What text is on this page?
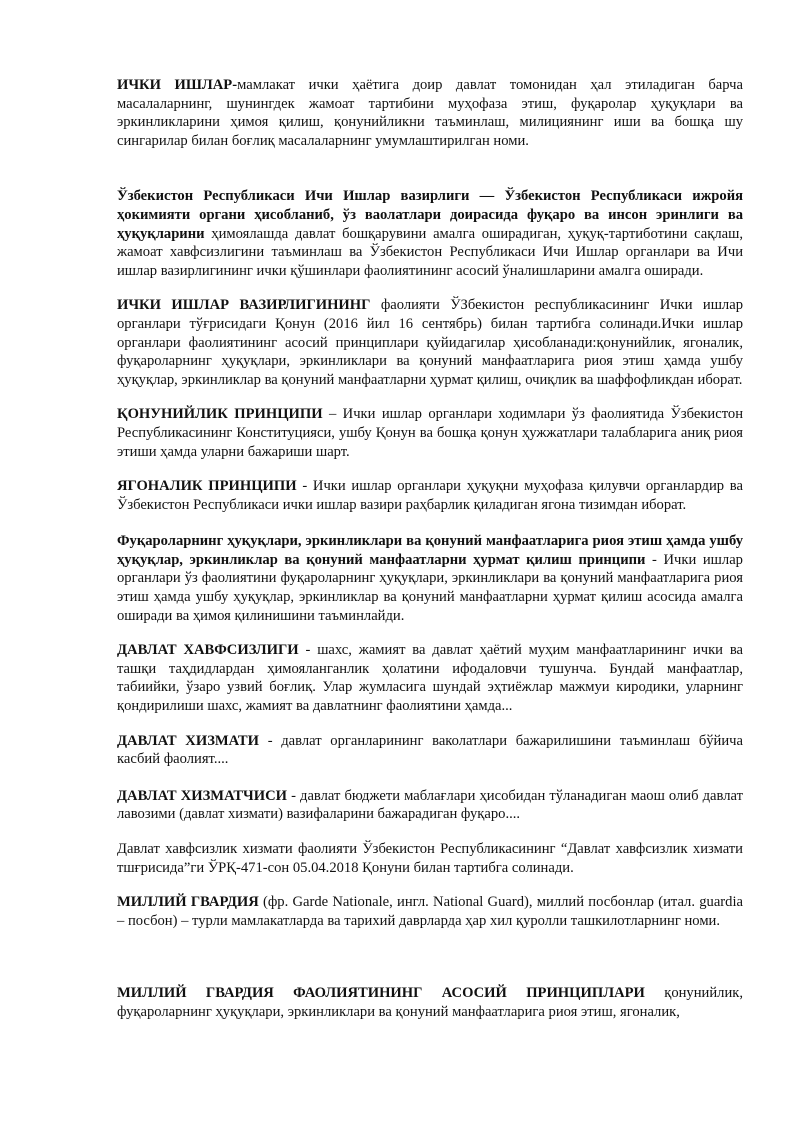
ИЧКИ ИШЛАР-мамлакат ички ҳаётига доир давлат томонидан ҳал этиладиган барча масалаларнинг, шунингдек жамоат тартибини муҳофаза этиш, фуқаролар ҳуқуқлари ва эркинликларини ҳимоя қилиш, қонунийликни таъминлаш, милициянинг иши ва бошқа шу сингарилар билан боғлиқ масалаларнинг умумлаштирилган номи.

Ўзбекистон Республикаси Ичи Ишлар вазирлиги — Ўзбекистон Республикаси ижройя ҳокимияти органи ҳисобланиб, ўз ваолатлари доирасида фуқаро ва инсон эринлиги ва ҳуқуқларини ҳимоялашда давлат бошқарувини амалга оширадиган, ҳуқуқ-тартиботини сақлаш, жамоат хавфсизлигини таъминлаш ва Ўзбекистон Республикаси Ичи Ишлар органлари ва Ичи ишлар вазирлигининг ички қўшинлари фаолиятининг асосий ўналишларини амалга оширади.

ИЧКИ ИШЛАР ВАЗИРЛИГИНИНГ фаолияти ЎЗбекистон республикасининг Ички ишлар органлари тўғрисидаги Қонун (2016 йил 16 сентябрь) билан тартибга солинади.Ички ишлар органлари фаолиятининг асосий принциплари қуйидагилар ҳисобланади:қонунийлик, ягоналик, фуқароларнинг ҳуқуқлари, эркинликлари ва қонуний манфаатларига риоя этиш ҳамда ушбу ҳуқуқлар, эркинликлар ва қонуний манфаатларни ҳурмат қилиш, очиқлик ва шаффофликдан иборат.

ҚОНУНИЙЛИК ПРИНЦИПИ – Ички ишлар органлари ходимлари ўз фаолиятида Ўзбекистон Республикасининг Конституцияси, ушбу Қонун ва бошқа қонун ҳужжатлари талабларига аниқ риоя этиши ҳамда уларни бажариши шарт.

ЯГОНАЛИК ПРИНЦИПИ - Ички ишлар органлари ҳуқуқни муҳофаза қилувчи органлардир ва Ўзбекистон Республикаси ички ишлар вазири раҳбарлик қиладиган ягона тизимдан иборат.

Фуқароларнинг ҳуқуқлари, эркинликлари ва қонуний манфаатларига риоя этиш ҳамда ушбу ҳуқуқлар, эркинликлар ва қонуний манфаатларни ҳурмат қилиш принципи - Ички ишлар органлари ўз фаолиятини фуқароларнинг ҳуқуқлари, эркинликлари ва қонуний манфаатларига риоя этиш ҳамда ушбу ҳуқуқлар, эркинликлар ва қонуний манфаатларни ҳурмат қилиш асосида амалга оширади ва ҳимоя қилинишини таъминлайди.

ДАВЛАТ ХАВФСИЗЛИГИ - шахс, жамият ва давлат ҳаётий муҳим манфаатларининг ички ва ташқи таҳдидлардан ҳимояланганлик ҳолатини ифодаловчи тушунча. Бундай манфаатлар, табиийки, ўзаро узвий боғлиқ. Улар жумласига шундай эҳтиёжлар мажмуи киродики, уларнинг қондирилиши шахс, жамият ва давлатнинг фаолиятини ҳамда...

ДАВЛАТ ХИЗМАТИ - давлат органларининг ваколатлари бажарилишини таъминлаш бўйича касбий фаолият....

ДАВЛАТ ХИЗМАТЧИСИ - давлат бюджети маблағлари ҳисобидан тўланадиган маош олиб давлат лавозими (давлат хизмати) вазифаларини бажарадиган фуқаро....

Давлат хавфсизлик хизмати фаолияти Ўзбекистон Республикасининг “Давлат хавфсизлик хизмати тшғрисида”ги ЎРҚ-471-сон 05.04.2018 Қонуни билан тартибга солинади.

МИЛЛИЙ ГВАРДИЯ (фр. Garde Nationale, ингл. National Guard), миллий посбонлар (итал. guardia – посбон) – турли мамлакатларда ва тарихий даврларда ҳар хил қуролли ташкилотларнинг номи.

МИЛЛИЙ ГВАРДИЯ ФАОЛИЯТИНИНГ АСОСИЙ ПРИНЦИПЛАРИ қонунийлик, фуқароларнинг ҳуқуқлари, эркинликлари ва қонуний манфаатларига риоя этиш, ягоналик,
